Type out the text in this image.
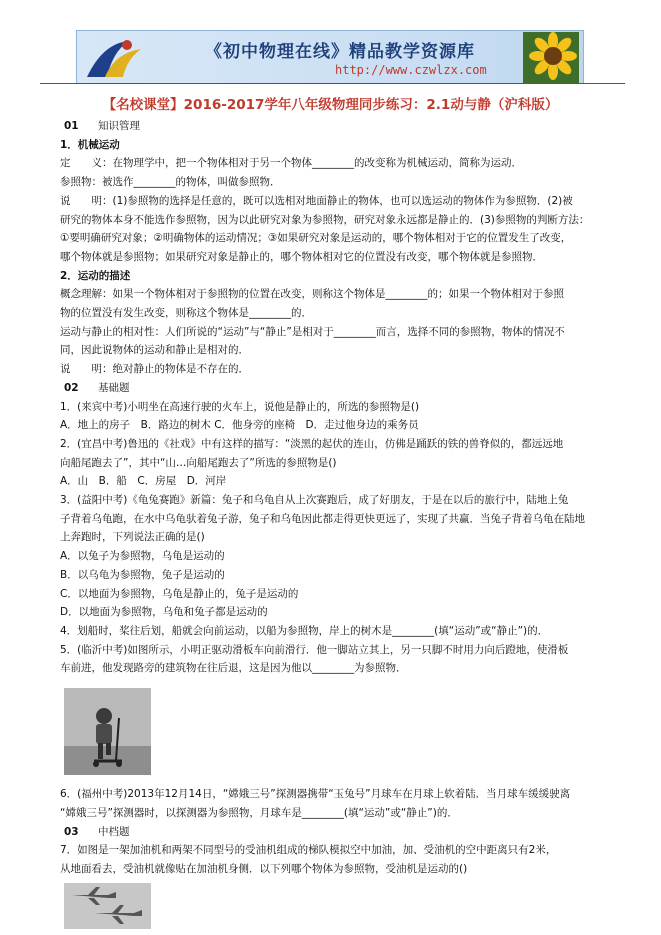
《初中物理在线》精品教学资源库
http://www.czwlzx.com
【名校课堂】2016-2017学年八年级物理同步练习：2.1动与静（沪科版）
01 知识管理
1．机械运动
定　　义：在物理学中，把一个物体相对于另一个物体________的改变称为机械运动，简称为运动．
参照物：被选作________的物体，叫做参照物．
说　　明：(1)参照物的选择是任意的，既可以选相对地面静止的物体，也可以选运动的物体作为参照物．(2)被
研究的物体本身不能选作参照物，因为以此研究对象为参照物，研究对象永远都是静止的．(3)参照物的判断方法：
①要明确研究对象；②明确物体的运动情况；③如果研究对象是运动的，哪个物体相对于它的位置发生了改变，
哪个物体就是参照物；如果研究对象是静止的，哪个物体相对它的位置没有改变，哪个物体就是参照物．
2．运动的描述
概念理解：如果一个物体相对于参照物的位置在改变，则称这个物体是________的；如果一个物体相对于参照
物的位置没有发生改变，则称这个物体是________的．
运动与静止的相对性：人们所说的“运动”与“静止”是相对于________而言，选择不同的参照物，物体的情况不
同，因此说物体的运动和静止是相对的．
说　　明：绝对静止的物体是不存在的．
02 基础题
1．(来宾中考)小明坐在高速行驶的火车上，说他是静止的，所选的参照物是()
A．地上的房子　B．路边的树木 C．他身旁的座椅　D．走过他身边的乘务员
2．(宜昌中考)鲁迅的《社戏》中有这样的描写：“淡黑的起伏的连山，仿佛是踊跃的铁的兽脊似的，都远远地
向船尾跑去了”，其中“山…向船尾跑去了”所选的参照物是()
A．山　B．船　C．房屋　D．河岸
3．(益阳中考)《龟兔赛跑》新篇：兔子和乌龟自从上次赛跑后，成了好朋友，于是在以后的旅行中，陆地上兔
子背着乌龟跑，在水中乌龟驮着兔子游，兔子和乌龟因此都走得更快更远了，实现了共赢．当兔子背着乌龟在陆地
上奔跑时，下列说法正确的是()
A．以兔子为参照物，乌龟是运动的
B．以乌龟为参照物，兔子是运动的
C．以地面为参照物，乌龟是静止的，兔子是运动的
D．以地面为参照物，乌龟和兔子都是运动的
4．划船时，桨往后划，船就会向前运动，以船为参照物，岸上的树木是________(填“运动”或“静止”)的．
5．(临沂中考)如图所示，小明正驱动滑板车向前滑行．他一脚站立其上，另一只脚不时用力向后蹬地，使滑板
车前进，他发现路旁的建筑物在往后退，这是因为他以________为参照物．
6．(福州中考)2013年12月14日，“嫦娥三号”探测器携带“玉兔号”月球车在月球上软着陆．当月球车缓缓驶离
“嫦娥三号”探测器时，以探测器为参照物，月球车是________(填“运动”或“静止”)的．
03 中档题
7．如图是一架加油机和两架不同型号的受油机组成的梯队模拟空中加油，加、受油机的空中距离只有2米，
从地面看去，受油机就像贴在加油机身侧．以下列哪个物体为参照物，受油机是运动的()
